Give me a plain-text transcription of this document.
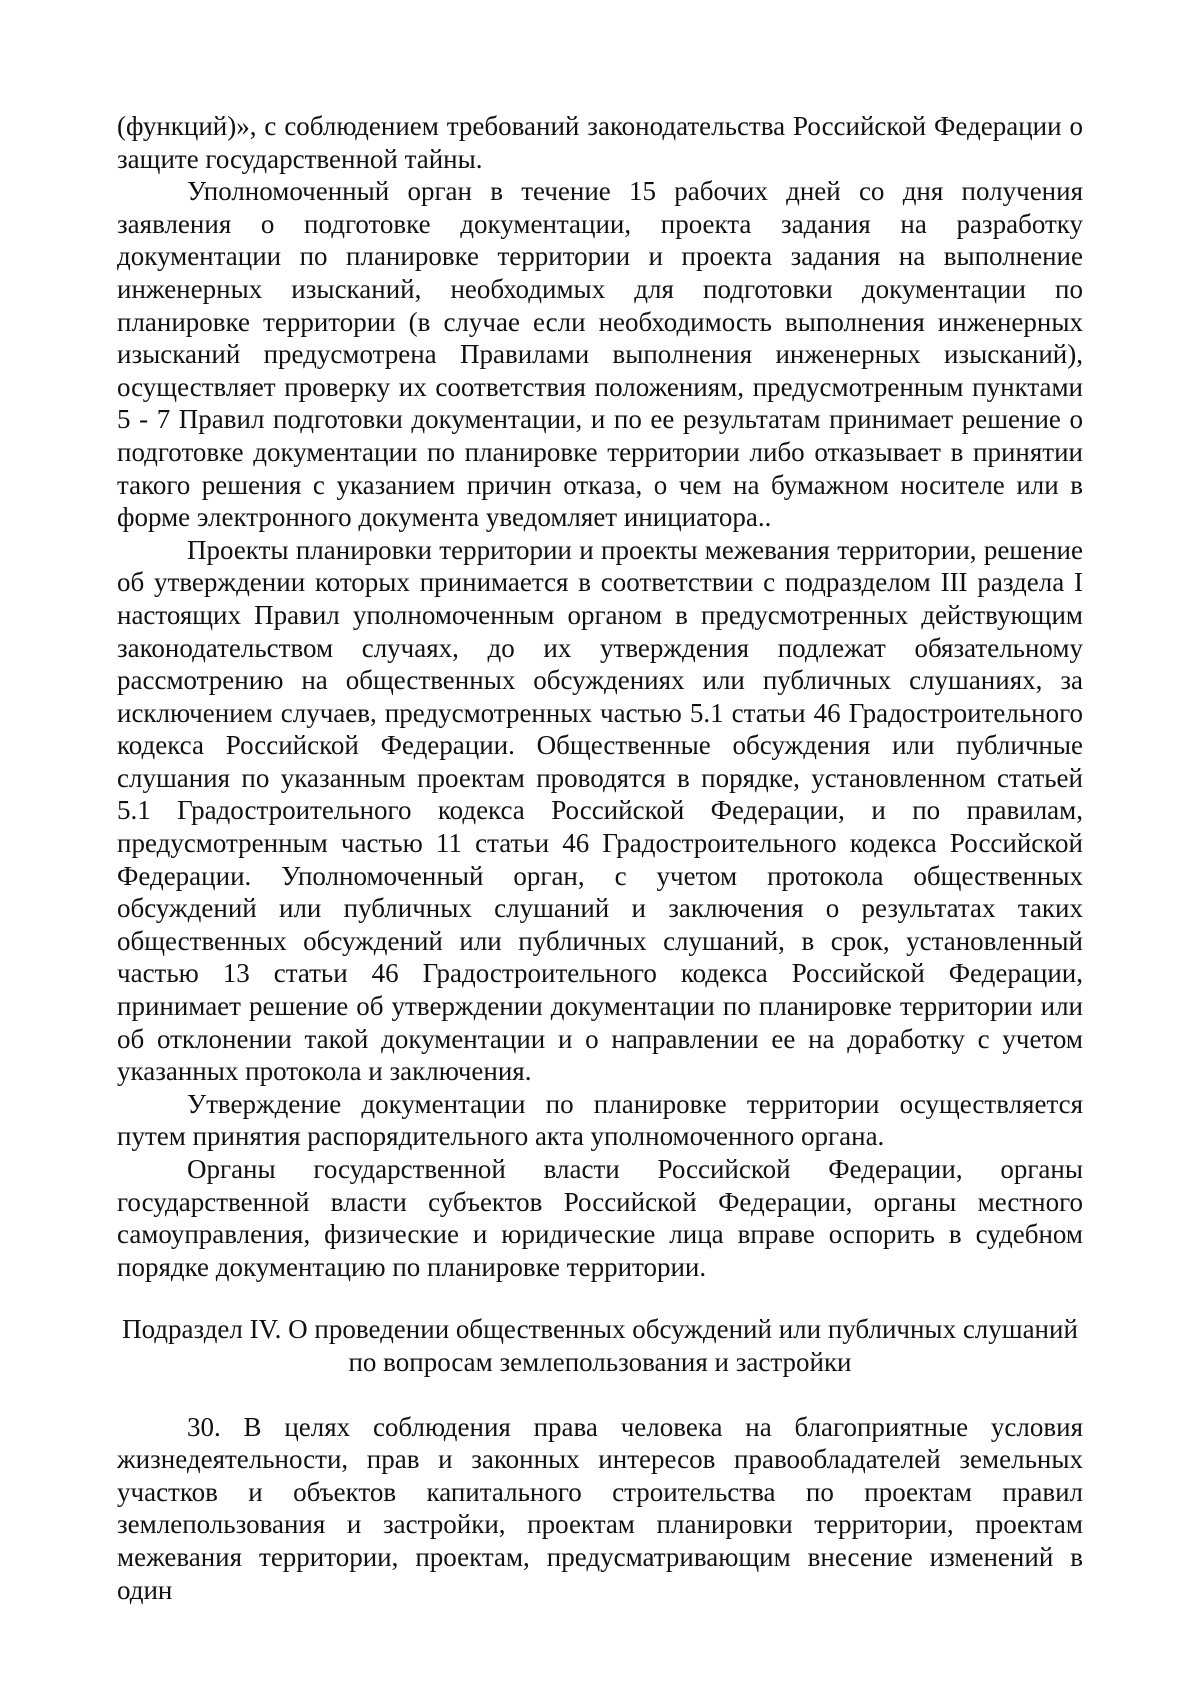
(функций)», с соблюдением требований законодательства Российской Федерации о защите государственной тайны.

Уполномоченный орган в течение 15 рабочих дней со дня получения заявления о подготовке документации, проекта задания на разработку документации по планировке территории и проекта задания на выполнение инженерных изысканий, необходимых для подготовки документации по планировке территории (в случае если необходимость выполнения инженерных изысканий предусмотрена Правилами выполнения инженерных изысканий), осуществляет проверку их соответствия положениям, предусмотренным пунктами 5 - 7 Правил подготовки документации, и по ее результатам принимает решение о подготовке документации по планировке территории либо отказывает в принятии такого решения с указанием причин отказа, о чем на бумажном носителе или в форме электронного документа уведомляет инициатора..

Проекты планировки территории и проекты межевания территории, решение об утверждении которых принимается в соответствии с подразделом III раздела I настоящих Правил уполномоченным органом в предусмотренных действующим законодательством случаях, до их утверждения подлежат обязательному рассмотрению на общественных обсуждениях или публичных слушаниях, за исключением случаев, предусмотренных частью 5.1 статьи 46 Градостроительного кодекса Российской Федерации. Общественные обсуждения или публичные слушания по указанным проектам проводятся в порядке, установленном статьей 5.1 Градостроительного кодекса Российской Федерации, и по правилам, предусмотренным частью 11 статьи 46 Градостроительного кодекса Российской Федерации. Уполномоченный орган, с учетом протокола общественных обсуждений или публичных слушаний и заключения о результатах таких общественных обсуждений или публичных слушаний, в срок, установленный частью 13 статьи 46 Градостроительного кодекса Российской Федерации, принимает решение об утверждении документации по планировке территории или об отклонении такой документации и о направлении ее на доработку с учетом указанных протокола и заключения.

Утверждение документации по планировке территории осуществляется путем принятия распорядительного акта уполномоченного органа.

Органы государственной власти Российской Федерации, органы государственной власти субъектов Российской Федерации, органы местного самоуправления, физические и юридические лица вправе оспорить в судебном порядке документацию по планировке территории.

Подраздел IV. О проведении общественных обсуждений или публичных слушаний
по вопросам землепользования и застройки

30. В целях соблюдения права человека на благоприятные условия жизнедеятельности, прав и законных интересов правообладателей земельных участков и объектов капитального строительства по проектам правил землепользования и застройки, проектам планировки территории, проектам межевания территории, проектам, предусматривающим внесение изменений в один
